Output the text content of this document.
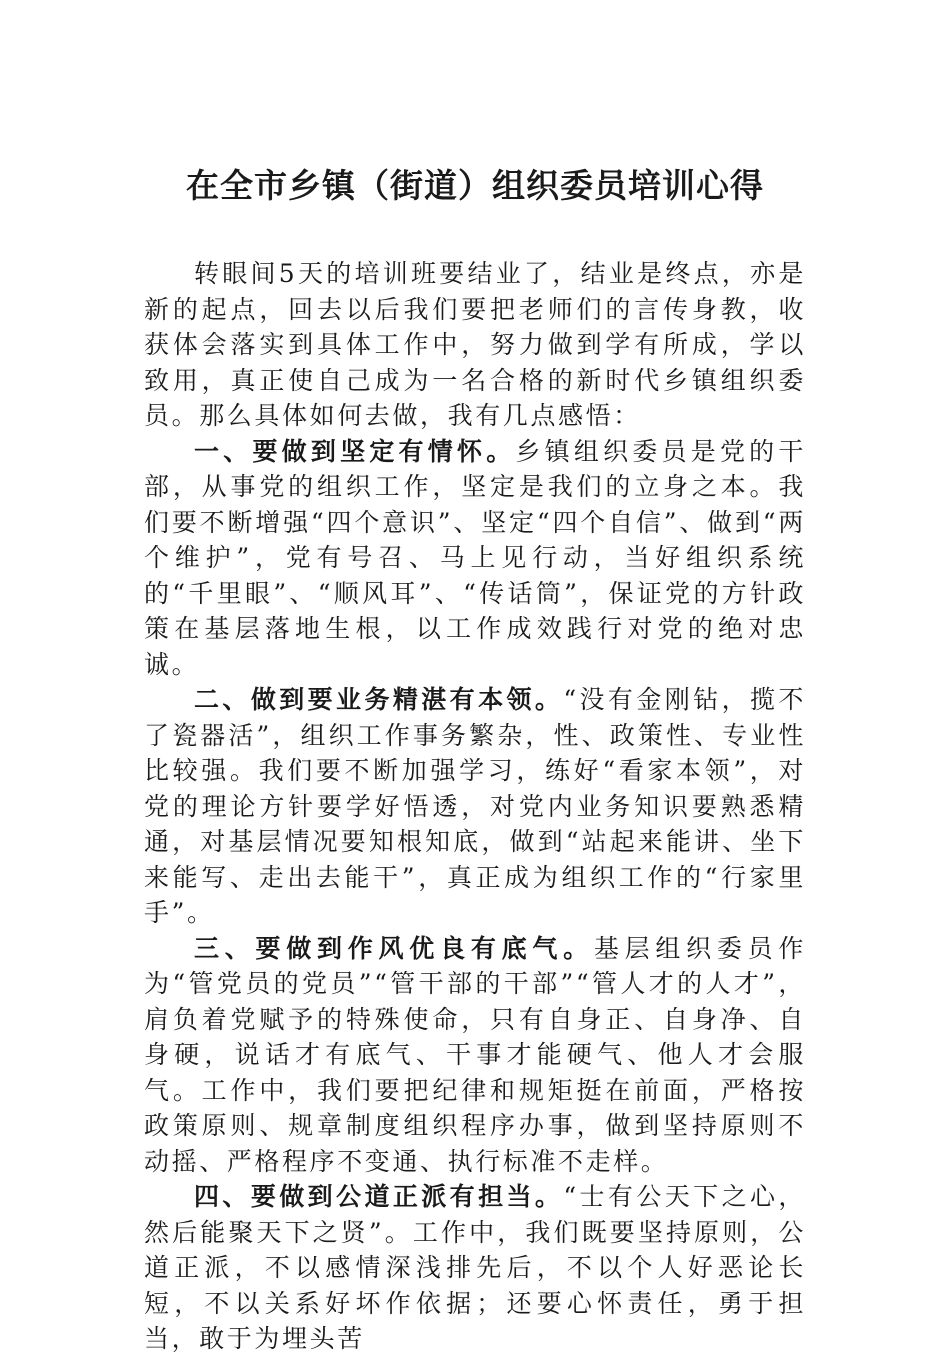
在全市乡镇（街道）组织委员培训心得

转眼间5天的培训班要结业了，结业是终点，亦是新的起点，回去以后我们要把老师们的言传身教，收获体会落实到具体工作中，努力做到学有所成，学以致用，真正使自己成为一名合格的新时代乡镇组织委员。那么具体如何去做，我有几点感悟：

一、要做到坚定有情怀。乡镇组织委员是党的干部，从事党的组织工作，坚定是我们的立身之本。我们要不断增强“四个意识”、坚定“四个自信”、做到“两个维护”，党有号召、马上见行动，当好组织系统的“千里眼”、“顺风耳”、“传话筒”，保证党的方针政策在基层落地生根，以工作成效践行对党的绝对忠诚。

二、做到要业务精湛有本领。“没有金刚钻，揽不了瓷器活”，组织工作事务繁杂，性、政策性、专业性比较强。我们要不断加强学习，练好“看家本领”，对党的理论方针要学好悟透，对党内业务知识要熟悉精通，对基层情况要知根知底，做到“站起来能讲、坐下来能写、走出去能干”，真正成为组织工作的“行家里手”。

三、要做到作风优良有底气。基层组织委员作为“管党员的党员”“管干部的干部”“管人才的人才”，肩负着党赋予的特殊使命，只有自身正、自身净、自身硬，说话才有底气、干事才能硬气、他人才会服气。工作中，我们要把纪律和规矩挺在前面，严格按政策原则、规章制度组织程序办事，做到坚持原则不动摇、严格程序不变通、执行标准不走样。

四、要做到公道正派有担当。“士有公天下之心，然后能聚天下之贤”。工作中，我们既要坚持原则，公道正派，不以感情深浅排先后，不以个人好恶论长短，不以关系好坏作依据；还要心怀责任，勇于担当，敢于为埋头苦
